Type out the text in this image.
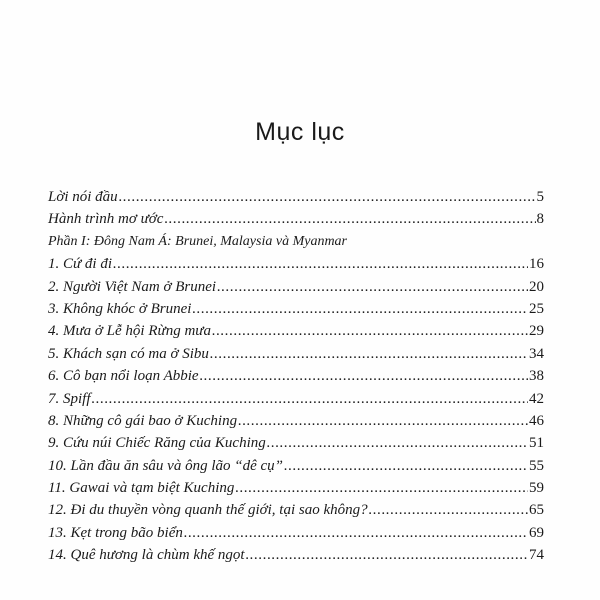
Mục lục
Lời nói đầu .....	5
Hành trình mơ ước .....	8
Phần I: Đông Nam Á: Brunei, Malaysia và Myanmar
1. Cứ đi đi .....	16
2. Người Việt Nam ở Brunei .....	20
3. Không khóc ở Brunei .....	25
4. Mưa ở Lễ hội Rừng mưa .....	29
5. Khách sạn có ma ở Sibu .....	34
6. Cô bạn nổi loạn Abbie .....	38
7. Spiff .....	42
8. Những cô gái bao ở Kuching .....	46
9. Cứu núi Chiếc Răng của Kuching .....	51
10. Lần đầu ăn sâu và ông lão “dê cụ” .....	55
11. Gawai và tạm biệt Kuching .....	59
12. Đi du thuyền vòng quanh thế giới, tại sao không? .....	65
13. Kẹt trong bão biển .....	69
14. Quê hương là chùm khế ngọt .....	74
